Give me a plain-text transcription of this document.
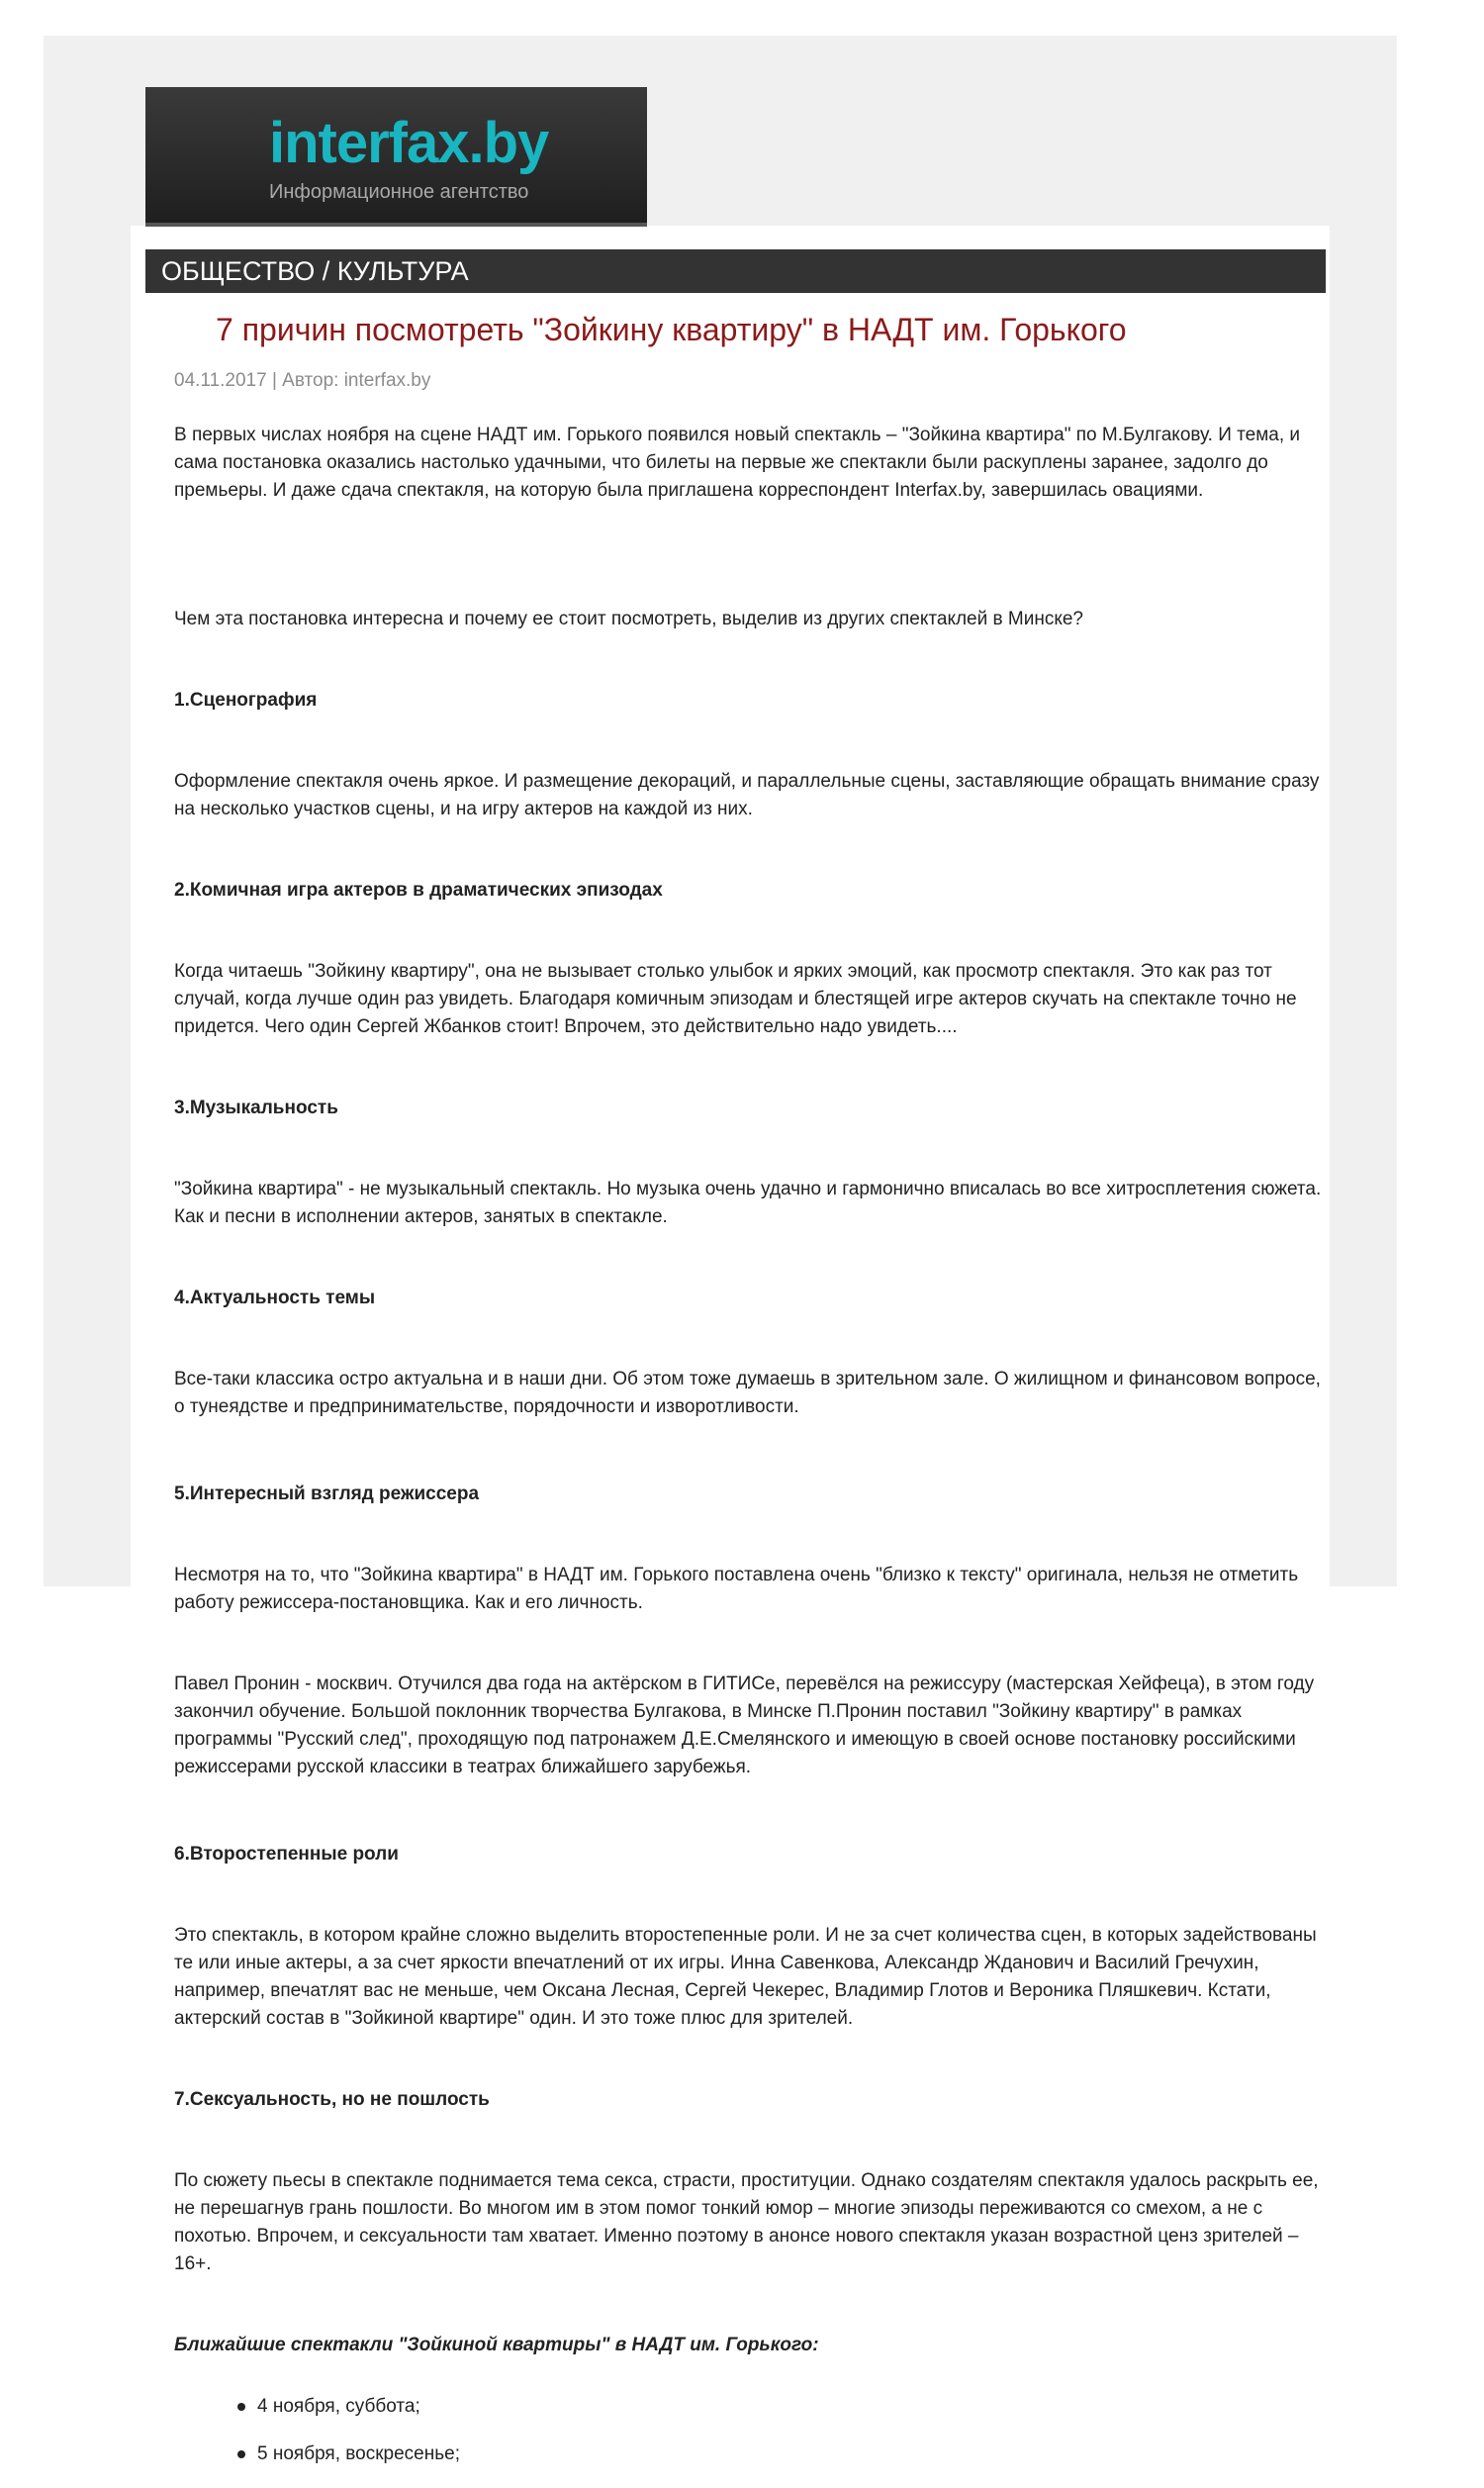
interfax.by
Информационное агентство
ОБЩЕСТВО / КУЛЬТУРА
7 причин посмотреть "Зойкину квартиру" в НАДТ им. Горького
04.11.2017 | Автор: interfax.by

В первых числах ноября на сцене НАДТ им. Горького появился новый спектакль – "Зойкина квартира" по М.Булгакову. И тема, и сама постановка оказались настолько удачными, что билеты на первые же спектакли были раскуплены заранее, задолго до премьеры. И даже сдача спектакля, на которую была приглашена корреспондент Interfax.by, завершилась овациями.

Чем эта постановка интересна и почему ее стоит посмотреть, выделив из других спектаклей в Минске?

1.Сценография

Оформление спектакля очень яркое. И размещение декораций, и параллельные сцены, заставляющие обращать внимание сразу на несколько участков сцены, и на игру актеров на каждой из них.

2.Комичная игра актеров в драматических эпизодах

Когда читаешь "Зойкину квартиру", она не вызывает столько улыбок и ярких эмоций, как просмотр спектакля. Это как раз тот случай, когда лучше один раз увидеть. Благодаря комичным эпизодам и блестящей игре актеров скучать на спектакле точно не придется. Чего один Сергей Жбанков стоит! Впрочем, это действительно надо увидеть....

3.Музыкальность

"Зойкина квартира" - не музыкальный спектакль. Но музыка очень удачно и гармонично вписалась во все хитросплетения сюжета. Как и песни в исполнении актеров, занятых в спектакле.

4.Актуальность темы

Все-таки классика остро актуальна и в наши дни. Об этом тоже думаешь в зрительном зале. О жилищном и финансовом вопросе, о тунеядстве и предпринимательстве, порядочности и изворотливости.

5.Интересный взгляд режиссера

Несмотря на то, что "Зойкина квартира" в НАДТ им. Горького поставлена очень "близко к тексту" оригинала, нельзя не отметить работу режиссера-постановщика. Как и его личность.

Павел Пронин - москвич. Отучился два года на актёрском в ГИТИСе, перевёлся на режиссуру (мастерская Хейфеца), в этом году закончил обучение. Большой поклонник творчества Булгакова, в Минске П.Пронин поставил "Зойкину квартиру" в рамках программы "Русский след", проходящую под патронажем Д.Е.Смелянского и имеющую в своей основе постановку российскими режиссерами русской классики в театрах ближайшего зарубежья.

6.Второстепенные роли

Это спектакль, в котором крайне сложно выделить второстепенные роли. И не за счет количества сцен, в которых задействованы те или иные актеры, а за счет яркости впечатлений от их игры. Инна Савенкова, Александр Жданович и Василий Гречухин, например, впечатлят вас не меньше, чем Оксана Лесная, Сергей Чекерес, Владимир Глотов и Вероника Пляшкевич. Кстати, актерский состав в "Зойкиной квартире" один. И это тоже плюс для зрителей.

7.Сексуальность, но не пошлость

По сюжету пьесы в спектакле поднимается тема секса, страсти, проституции. Однако создателям спектакля удалось раскрыть ее, не перешагнув грань пошлости. Во многом им в этом помог тонкий юмор – многие эпизоды переживаются со смехом, а не с похотью. Впрочем, и сексуальности там хватает. Именно поэтому в анонсе нового спектакля указан возрастной ценз зрителей – 16+.

Ближайшие спектакли "Зойкиной квартиры" в НАДТ им. Горького:

4 ноября, суббота;
5 ноября, воскресенье;
